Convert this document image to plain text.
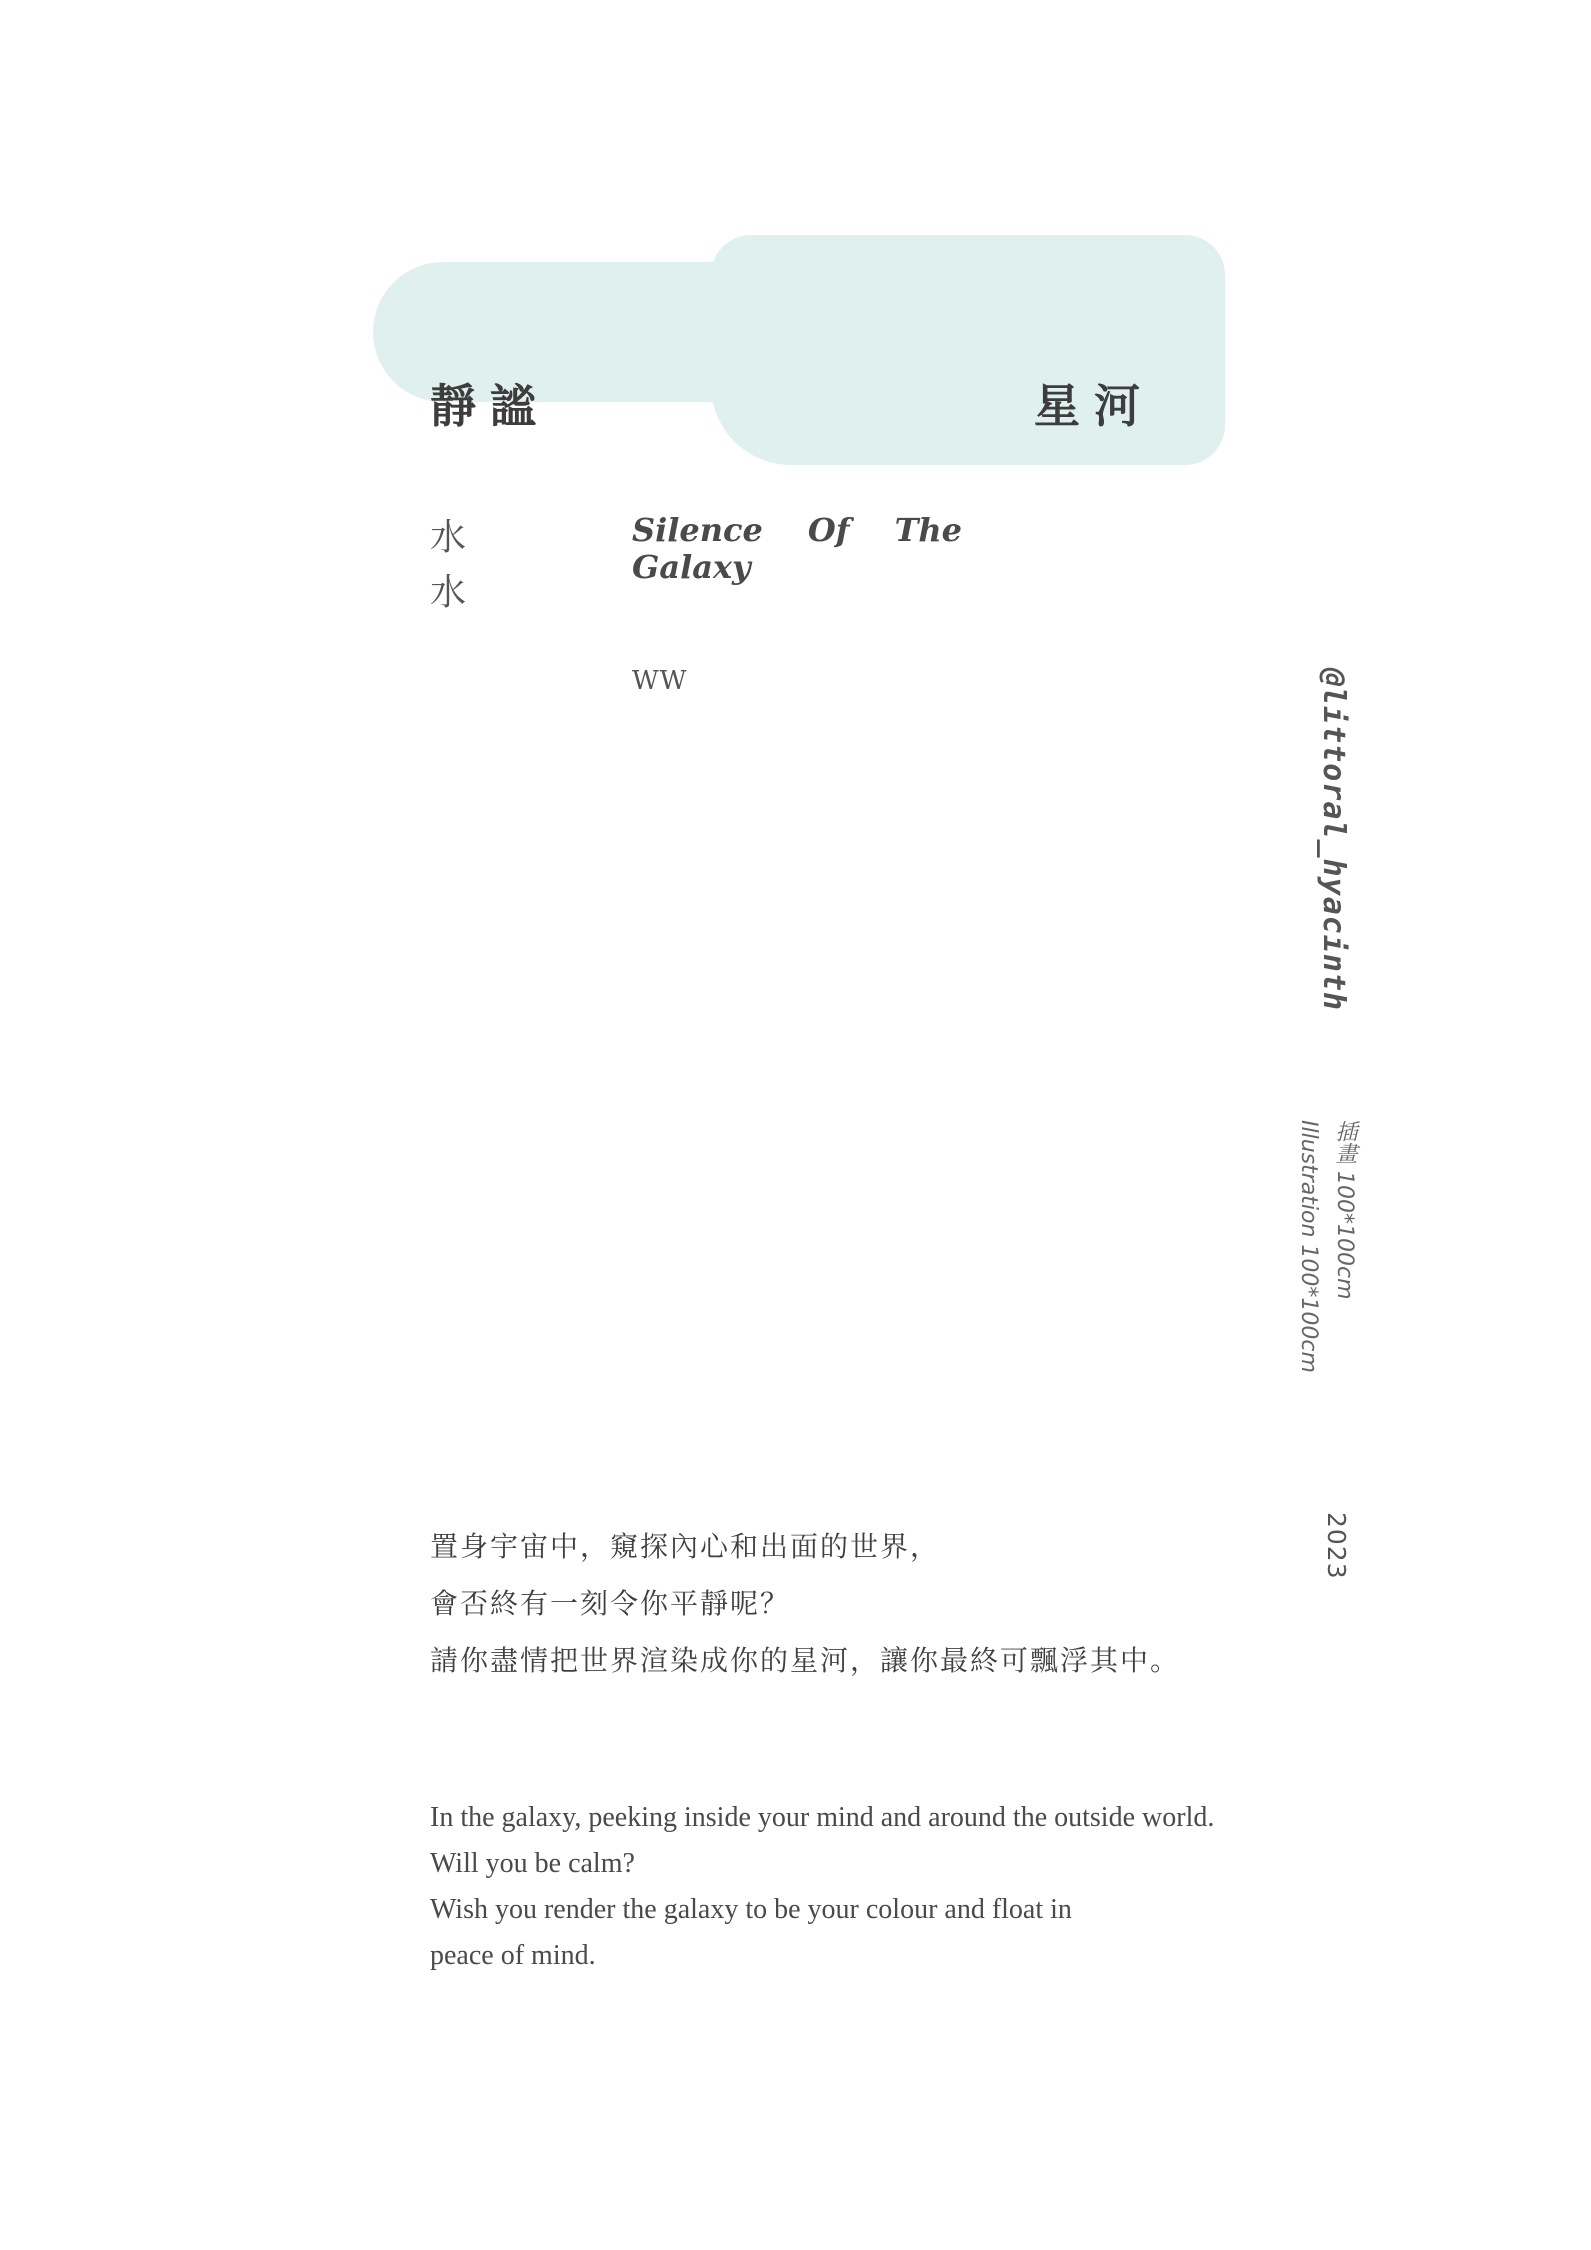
靜謐	星河
水水
Silence Of The
Galaxy
WW	@littoral_hyacinth
插畫 100*100cm
Illustration 100*100cm
2023
置身宇宙中，窺探內心和出面的世界，
會否終有一刻令你平靜呢？
請你盡情把世界渲染成你的星河，讓你最終可飄浮其中。
In the galaxy, peeking inside your mind and around the outside world.
Will you be calm?
Wish you render the galaxy to be your colour and float in
peace of mind.
